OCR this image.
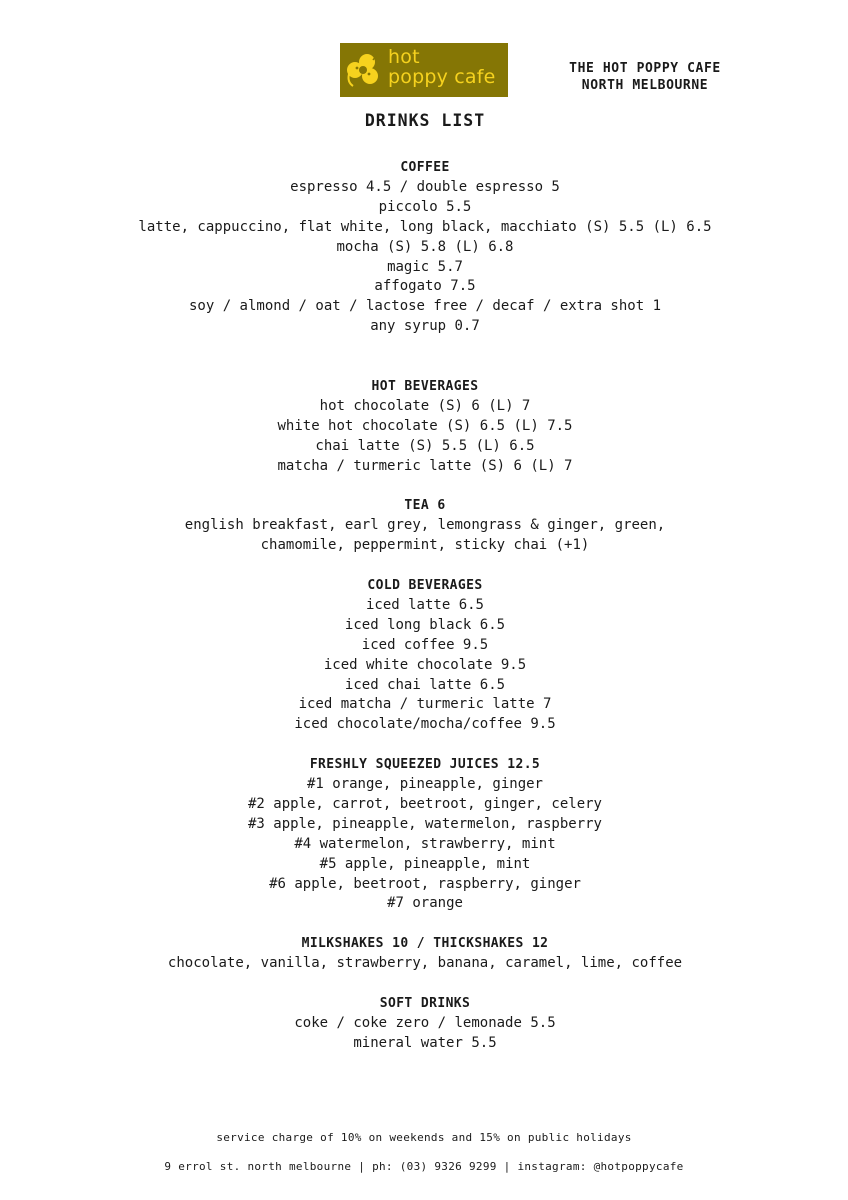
hot
poppy cafe	THE HOT POPPY CAFE
NORTH MELBOURNE
DRINKS LIST
COFFEE
espresso 4.5 / double espresso 5
piccolo 5.5
latte, cappuccino, flat white, long black, macchiato (S) 5.5 (L) 6.5
mocha (S) 5.8 (L) 6.8
magic 5.7
affogato 7.5
soy / almond / oat / lactose free / decaf / extra shot 1
any syrup 0.7
HOT BEVERAGES
hot chocolate (S) 6 (L) 7
white hot chocolate (S) 6.5 (L) 7.5
chai latte (S) 5.5 (L) 6.5
matcha / turmeric latte (S) 6 (L) 7
TEA 6
english breakfast, earl grey, lemongrass & ginger, green,
chamomile, peppermint, sticky chai (+1)
COLD BEVERAGES
iced latte 6.5
iced long black 6.5
iced coffee 9.5
iced white chocolate 9.5
iced chai latte 6.5
iced matcha / turmeric latte 7
iced chocolate/mocha/coffee 9.5
FRESHLY SQUEEZED JUICES 12.5
#1 orange, pineapple, ginger
#2 apple, carrot, beetroot, ginger, celery
#3 apple, pineapple, watermelon, raspberry
#4 watermelon, strawberry, mint
#5 apple, pineapple, mint
#6 apple, beetroot, raspberry, ginger
#7 orange
MILKSHAKES 10 / THICKSHAKES 12
chocolate, vanilla, strawberry, banana, caramel, lime, coffee
SOFT DRINKS
coke / coke zero / lemonade 5.5
mineral water 5.5
service charge of 10% on weekends and 15% on public holidays
9 errol st. north melbourne | ph: (03) 9326 9299 | instagram: @hotpoppycafe
